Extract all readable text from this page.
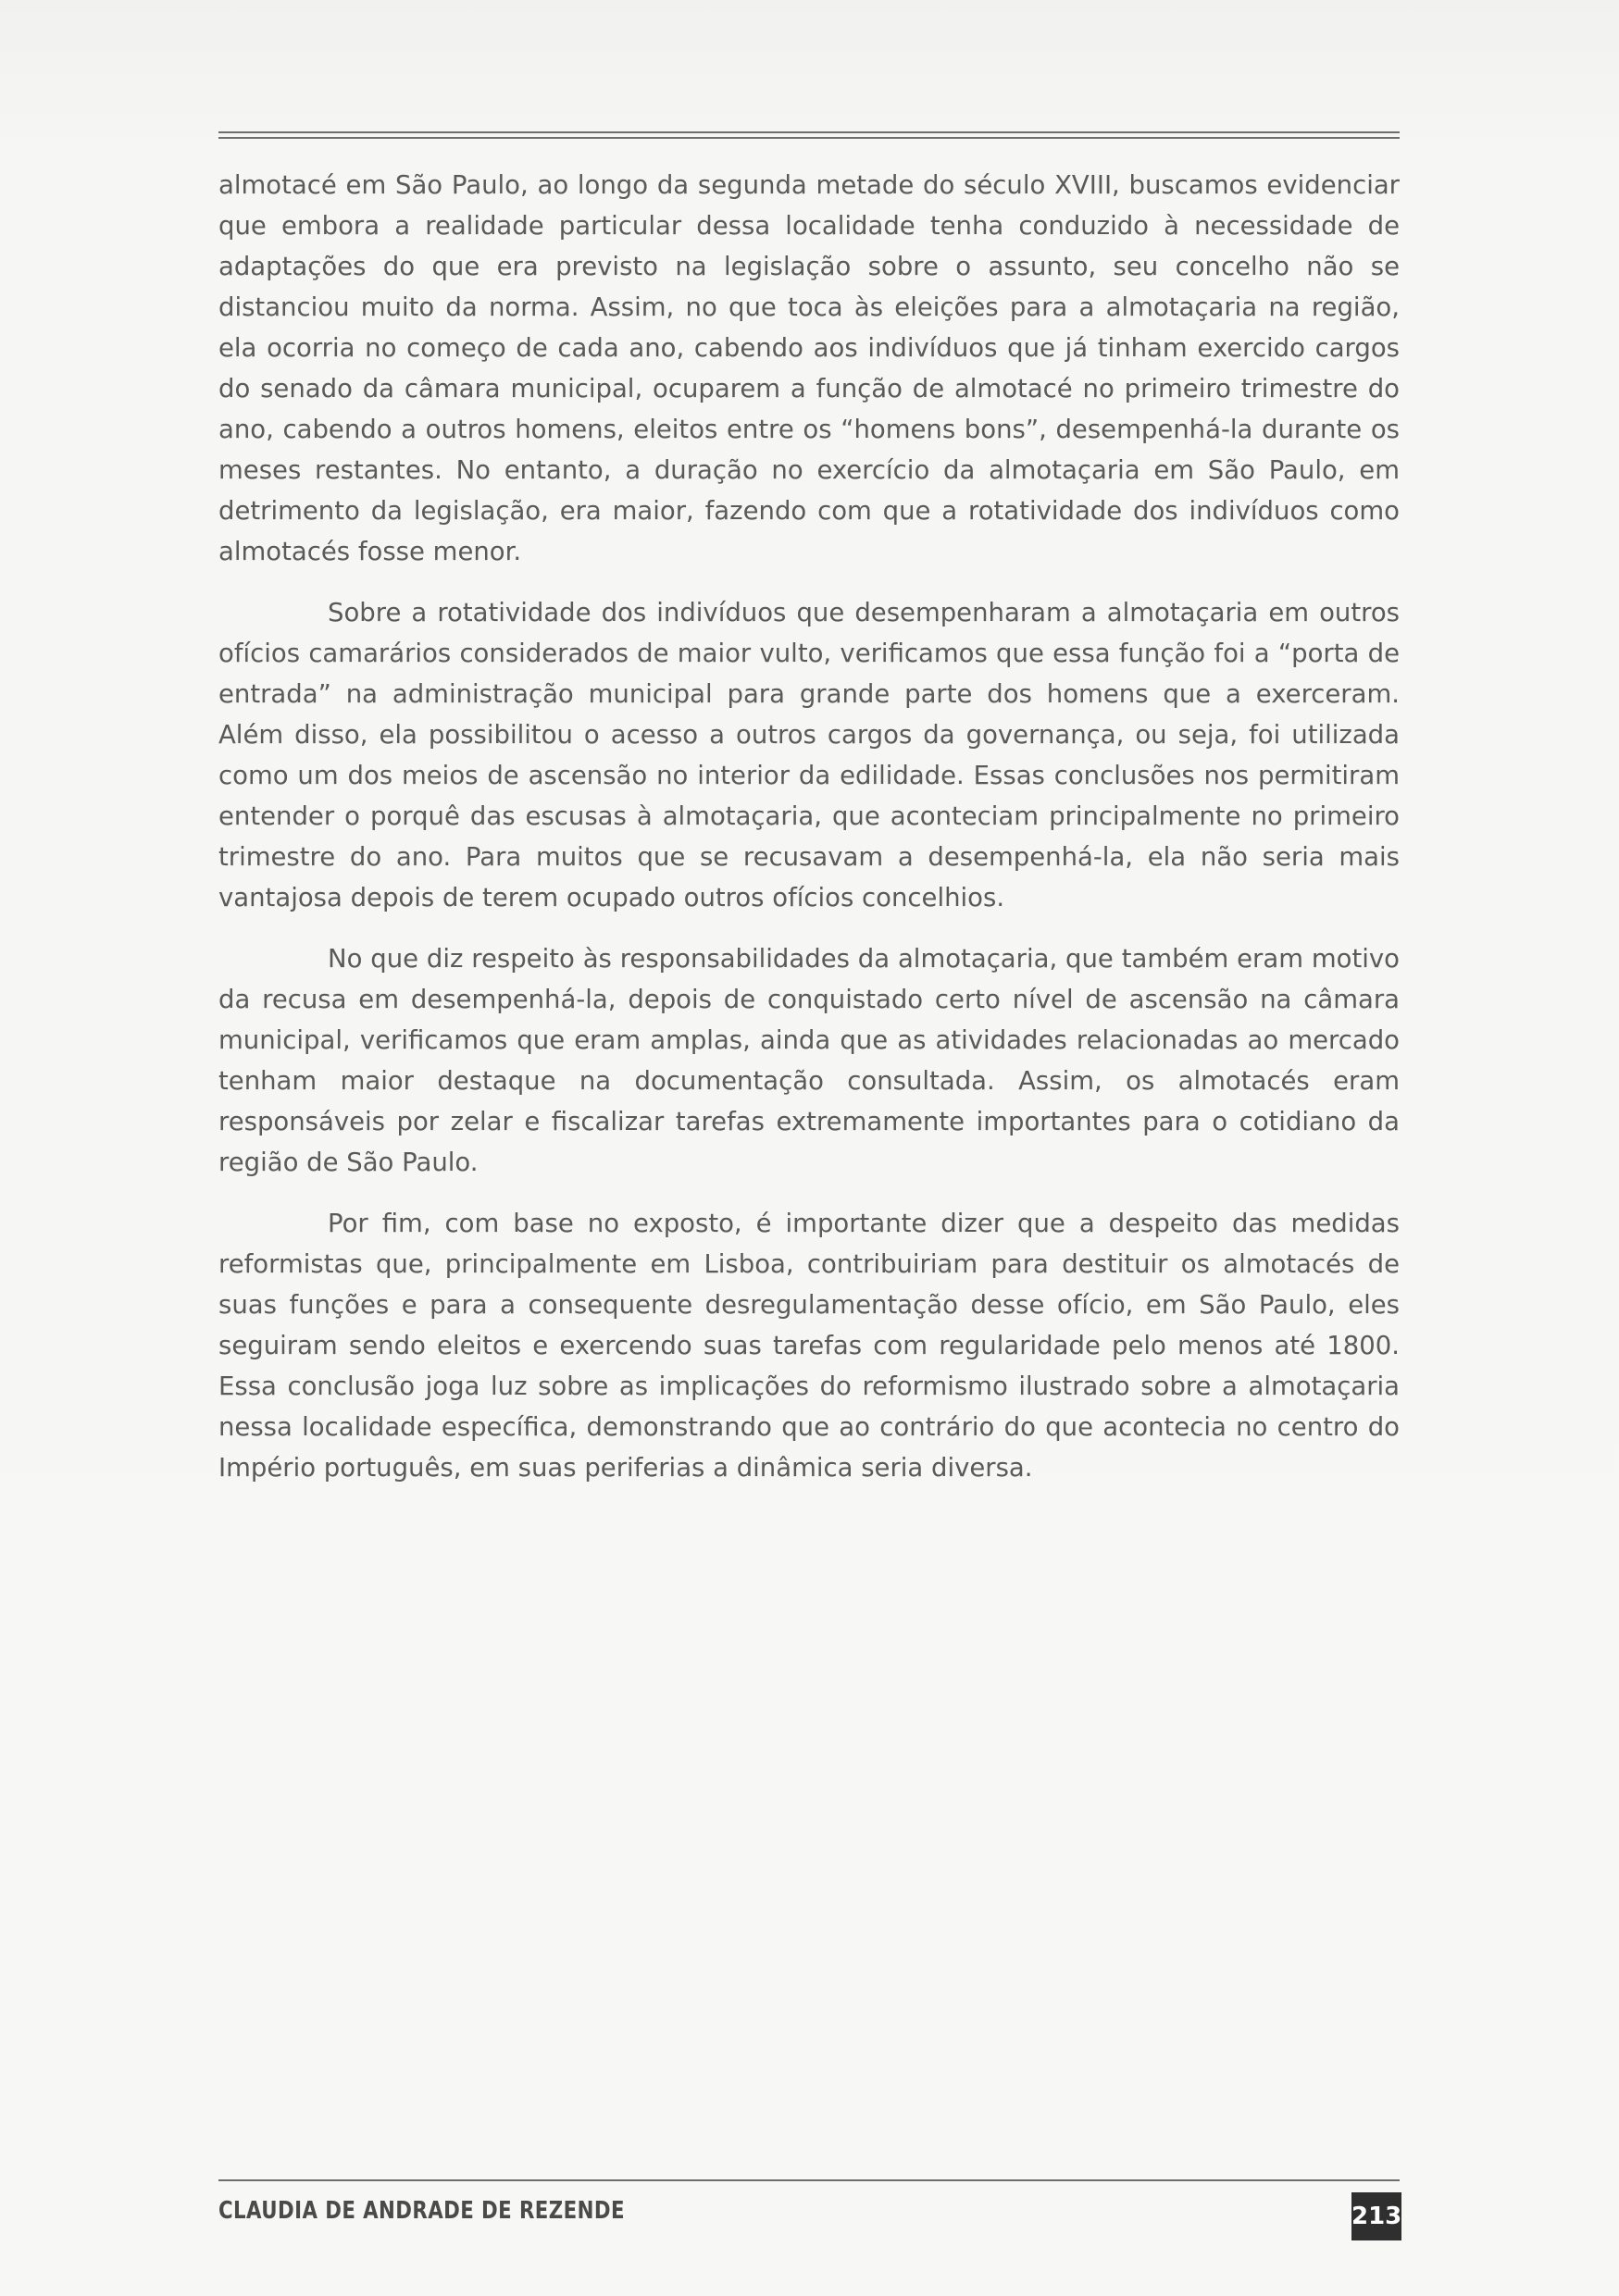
almotacé em São Paulo, ao longo da segunda metade do século XVIII, buscamos evidenciar que embora a realidade particular dessa localidade tenha conduzido à necessidade de adaptações do que era previsto na legislação sobre o assunto, seu concelho não se distanciou muito da norma. Assim, no que toca às eleições para a almotaçaria na região, ela ocorria no começo de cada ano, cabendo aos indivíduos que já tinham exercido cargos do senado da câmara municipal, ocuparem a função de almotacé no primeiro trimestre do ano, cabendo a outros homens, eleitos entre os “homens bons”, desempenhá-la durante os meses restantes. No entanto, a duração no exercício da almotaçaria em São Paulo, em detrimento da legislação, era maior, fazendo com que a rotatividade dos indivíduos como almotacés fosse menor.

Sobre a rotatividade dos indivíduos que desempenharam a almotaçaria em outros ofícios camarários considerados de maior vulto, verificamos que essa função foi a “porta de entrada” na administração municipal para grande parte dos homens que a exerceram. Além disso, ela possibilitou o acesso a outros cargos da governança, ou seja, foi utilizada como um dos meios de ascensão no interior da edilidade. Essas conclusões nos permitiram entender o porquê das escusas à almotaçaria, que aconteciam principalmente no primeiro trimestre do ano. Para muitos que se recusavam a desempenhá-la, ela não seria mais vantajosa depois de terem ocupado outros ofícios concelhios.

No que diz respeito às responsabilidades da almotaçaria, que também eram motivo da recusa em desempenhá-la, depois de conquistado certo nível de ascensão na câmara municipal, verificamos que eram amplas, ainda que as atividades relacionadas ao mercado tenham maior destaque na documentação consultada. Assim, os almotacés eram responsáveis por zelar e fiscalizar tarefas extremamente importantes para o cotidiano da região de São Paulo.

Por fim, com base no exposto, é importante dizer que a despeito das medidas reformistas que, principalmente em Lisboa, contribuiriam para destituir os almotacés de suas funções e para a consequente desregulamentação desse ofício, em São Paulo, eles seguiram sendo eleitos e exercendo suas tarefas com regularidade pelo menos até 1800. Essa conclusão joga luz sobre as implicações do reformismo ilustrado sobre a almotaçaria nessa localidade específica, demonstrando que ao contrário do que acontecia no centro do Império português, em suas periferias a dinâmica seria diversa.

CLAUDIA DE ANDRADE DE REZENDE	213
